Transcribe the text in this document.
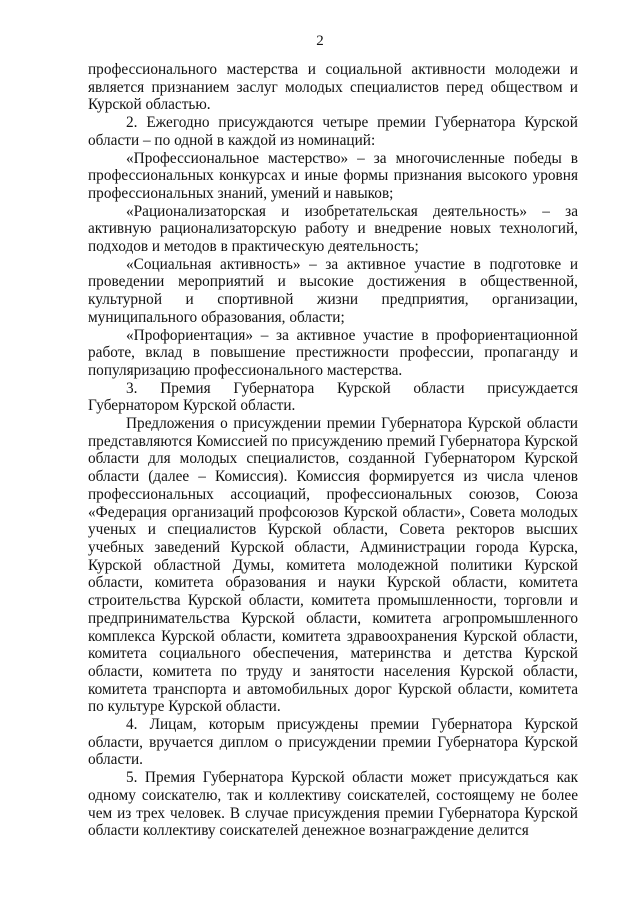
2

профессионального мастерства и социальной активности молодежи и является признанием заслуг молодых специалистов перед обществом и Курской областью.

2. Ежегодно присуждаются четыре премии Губернатора Курской области – по одной в каждой из номинаций:

«Профессиональное мастерство» – за многочисленные победы в профессиональных конкурсах и иные формы признания высокого уровня профессиональных знаний, умений и навыков;

«Рационализаторская и изобретательская деятельность» – за активную рационализаторскую работу и внедрение новых технологий, подходов и методов в практическую деятельность;

«Социальная активность» – за активное участие в подготовке и проведении мероприятий и высокие достижения в общественной, культурной и спортивной жизни предприятия, организации, муниципального образования, области;

«Профориентация» – за активное участие в профориентационной работе, вклад в повышение престижности профессии, пропаганду и популяризацию профессионального мастерства.

3. Премия Губернатора Курской области присуждается Губернатором Курской области.

Предложения о присуждении премии Губернатора Курской области представляются Комиссией по присуждению премий Губернатора Курской области для молодых специалистов, созданной Губернатором Курской области (далее – Комиссия). Комиссия формируется из числа членов профессиональных ассоциаций, профессиональных союзов, Союза «Федерация организаций профсоюзов Курской области», Совета молодых ученых и специалистов Курской области, Совета ректоров высших учебных заведений Курской области, Администрации города Курска, Курской областной Думы, комитета молодежной политики Курской области, комитета образования и науки Курской области, комитета строительства Курской области, комитета промышленности, торговли и предпринимательства Курской области, комитета агропромышленного комплекса Курской области, комитета здравоохранения Курской области, комитета социального обеспечения, материнства и детства Курской области, комитета по труду и занятости населения Курской области, комитета транспорта и автомобильных дорог Курской области, комитета по культуре Курской области.

4. Лицам, которым присуждены премии Губернатора Курской области, вручается диплом о присуждении премии Губернатора Курской области.

5. Премия Губернатора Курской области может присуждаться как одному соискателю, так и коллективу соискателей, состоящему не более чем из трех человек. В случае присуждения премии Губернатора Курской области коллективу соискателей денежное вознаграждение делится
